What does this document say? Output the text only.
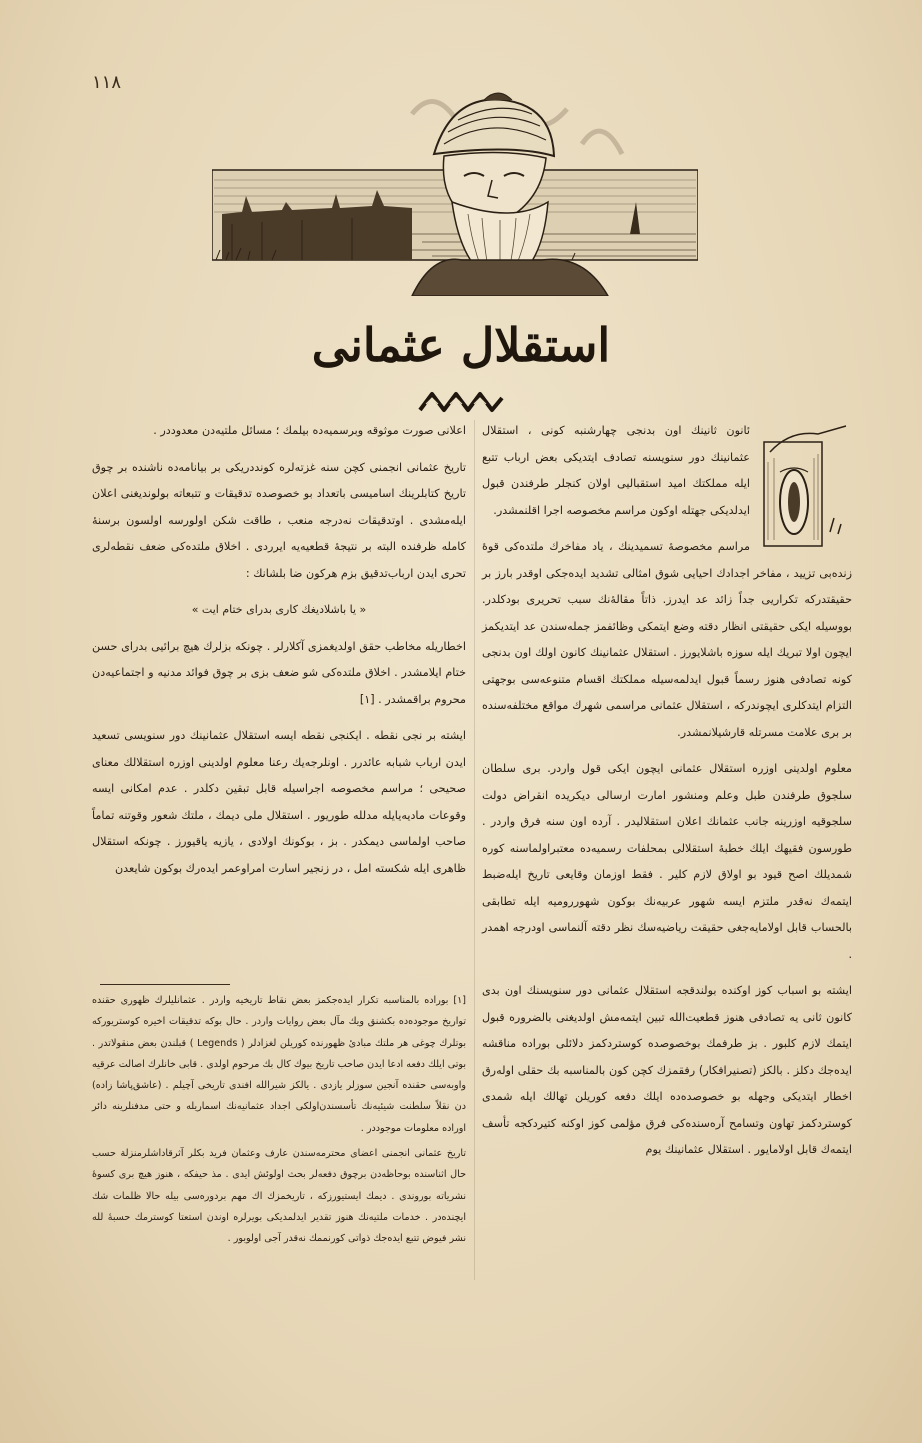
١١٨
استقلال عثمانی

ئانون ثانينك اون بدنجی چهارشنبه کونی ، استقلال عثمانينك دور سنويسنه تصادف ايتديکی بعض ارباب تتبع ايله مملکتك امید استقباليی اولان کنجلر طرفندن قبول ايدلديکی جهتله اوکون مراسم مخصوصه اجرا اقلنمشدر.

مراسم مخصوصهٔ تسميدينك ، ياد مفاخرك ملتده‌کی قوهٔ زنده‌بی تزييد ، مفاخر اجدادك احيايی شوق امثالی تشديد ايده‌جکی اوقدر بارز بر حقيقتدرکه تکراريی جداً زائد عد ايدرز. ذاتاً مقالهٔ‌نك سبب تحريری بودکلدر. بووسيله ايکی حقيقتی انظار دقته وضع ايتمکی وظائفمز جمله‌سندن عد ايتديکمز ايچون اولا تبريك ايله سوزه باشلايورز . استقلال عثمانينك کانون اولك اون بدنجی کونه تصادفی هنوز رسماً قبول ايدلمه‌سيله مملکتك اقسام متنوعه‌سی بوجهتی التزام ايتدکلری ايچوندرکه ، استقلال عثمانی مراسمی شهرك مواقع مختلفه‌سنده بر بری علامت مسرتله قارشيلانمشدر.

معلوم اولدينی اوزره استقلال عثمانی ايچون ايکی قول واردر. بری سلطان سلجوق طرفندن طبل وعلم ومنشور امارت ارسالی ديکريده انقراض دولت سلجوقيه اوزرينه جانب عثمانك اعلان استقلاليدر . آرده اون سنه فرق واردر . طورسون فقيهك ايلك خطبهٔ استقلالی بمحلفات رسميه‌ده معتبراولماسنه کوره شمديلك اصح قيود بو اولاق لازم کلير . فقط اوزمان وقايعی تاريخ ايله‌ضبط ايتمه‌ك نه‌قدر ملتزم ايسه شهور عربيه‌نك بوکون شهورروميه ايله تطابقی بالحساب قابل اولامايه‌جغی حقيقت رياضيه‌سك نظر دقته آلنماسی اودرجه اهمدر .

ايشته بو اسباب کوز اوکنده بولندقجه استقلال عثمانی دور سنويسنك اون بدی کانون ثانی يه تصادفی هنوز قطعيت‌الله تبين ايتمه‌مش اولديغنی بالضروره قبول ايتمك لازم کلبور . بز طرفمك بوخصوصده کوستردکمز دلائلی بوراده مناقشه ايده‌جك دکلز . بالکز (تصنيرافکار) رفقمزك کچن کون بالمناسبه بك حقلی اوله‌رق اخطار ايتديکی وجهله بو خصوصده‌ده ايلك دفعه کوريلن تهالك ايله شمدی کوستردکمز تهاون وتسامح آره‌سنده‌کی فرق مؤلمی کوز اوکنه کتيردکجه تأسف ايتمه‌ك قابل اولامايور . استقلال عثمانينك يوم

اعلانی صورت موثوقه وبرسميه‌ده بيلمك ؛ مسائل ملتيه‌دن معدوددر .

تاريخ عثمانی انجمنی کچن سنه غزته‌لره کونددريکی بر بيانامه‌ده ناشنده بر چوق تاريخ کتابلرينك اساميسی باتعداد بو خصوصده تدقيقات و تتبعاته بولونديغنی اعلان ايله‌مشدی . اوتدقيقات نه‌درجه منعب ، طاقت شکن اولورسه اولسون برسنهٔ کامله ظرفنده البته بر نتيجهٔ قطعيه‌يه ايرردی . اخلاق ملتده‌کی ضعف نقطه‌لری تحری ايدن ارباب‌تدقيق بزم هرکون ضا بلشانك :

« يا باشلادیغك کاری بدرای ختام ایت »

اخطاريله مخاطب حقق اولديغمزی آکلارلر . چونکه بزلرك هيچ برائيی بدرای حسن ختام ايلامشدر . اخلاق ملتده‌کی شو ضعف بزی بر چوق فوائد مدنيه و اجتماعيه‌دن محروم براقمشدر . [١]

ايشته بر نجی نقطه . ايکنجی نقطه ايسه استقلال عثمانينك دور سنويسی تسعيد ايدن ارباب شبابه عائدرر . اونلرجه‌يك رعنا معلوم اولدينی اوزره استقلالك معنای صحيحی ؛ مراسم مخصوصه اجراسيله قابل تبقين دکلدر . عدم امکانی ايسه وقوعات ماديه‌يايله مدلله طوريور . استقلال ملی ديمك ، ملتك شعور وقوتنه تماماً صاحب اولماسی ديمکدر . بز ، بوکونك اولادی ، يازيه ياقيورز . چونکه استقلال ظاهری ايله شکسته امل ، در زنجير اسارت امراوعمر ايده‌رك بوکون شايعدن

[١] بوراده بالمناسبه تکرار ايده‌جکمز بعض نقاط تاريخيه واردر . عثمانليلرك ظهوری حقنده تواريخ موجوده‌ده بکشنق ويك مآل بعض روايات واردر . حال بوکه تدقيقات اخيره کوستريورکه بوتلرك چوغی هر ملتك مبادیٔ ظهورنده کوريلن لغزادلر ( Legends ) قبلندن بعض منقولاتدر . بوتی ايلك دفعه ادعا ايدن صاحب تاريخ بيوك کال بك مرحوم اولدی . قابی خانلرك اصالت عرقيه واوبه‌سی حقنده آنجين سوزلر يازدی . يالکز شيرالله افندی تاريخی آچيلم . (عاشق‌پاشا زاده) دن نقلاً سلطنت شيئيه‌نك تأسسندن‌اولکی اجداد عثمانيه‌نك اسماريله و حتی مدفنلرينه دائر اوراده معلومات موجوددر .

تاريخ عثمانی انجمنی اعضای محترمه‌سندن عارف وعثمان فريد بکلر آثرقاداشلرمنزلة حسب حال اثناسنده بوحاظه‌دن برچوق دفعه‌لر بحث اولوئش ايدی . مذ حيفکه ، هنوز هيچ بری کسوهٔ نشرياته بوروندی . ديمك ايستيورزکه ، تاريخمزك اك مهم بردوره‌سی بيله حالا ظلمات شك ايچنده‌در . خدمات ملتيه‌نك هنوز تقدير ايدلمديکی بويرلره اوندن استعتا کوسترمك حسبهٔ لله نشر فيوض تتبع ايده‌جك ذواتی کورنممك نه‌قدر آجی اولوبور .
